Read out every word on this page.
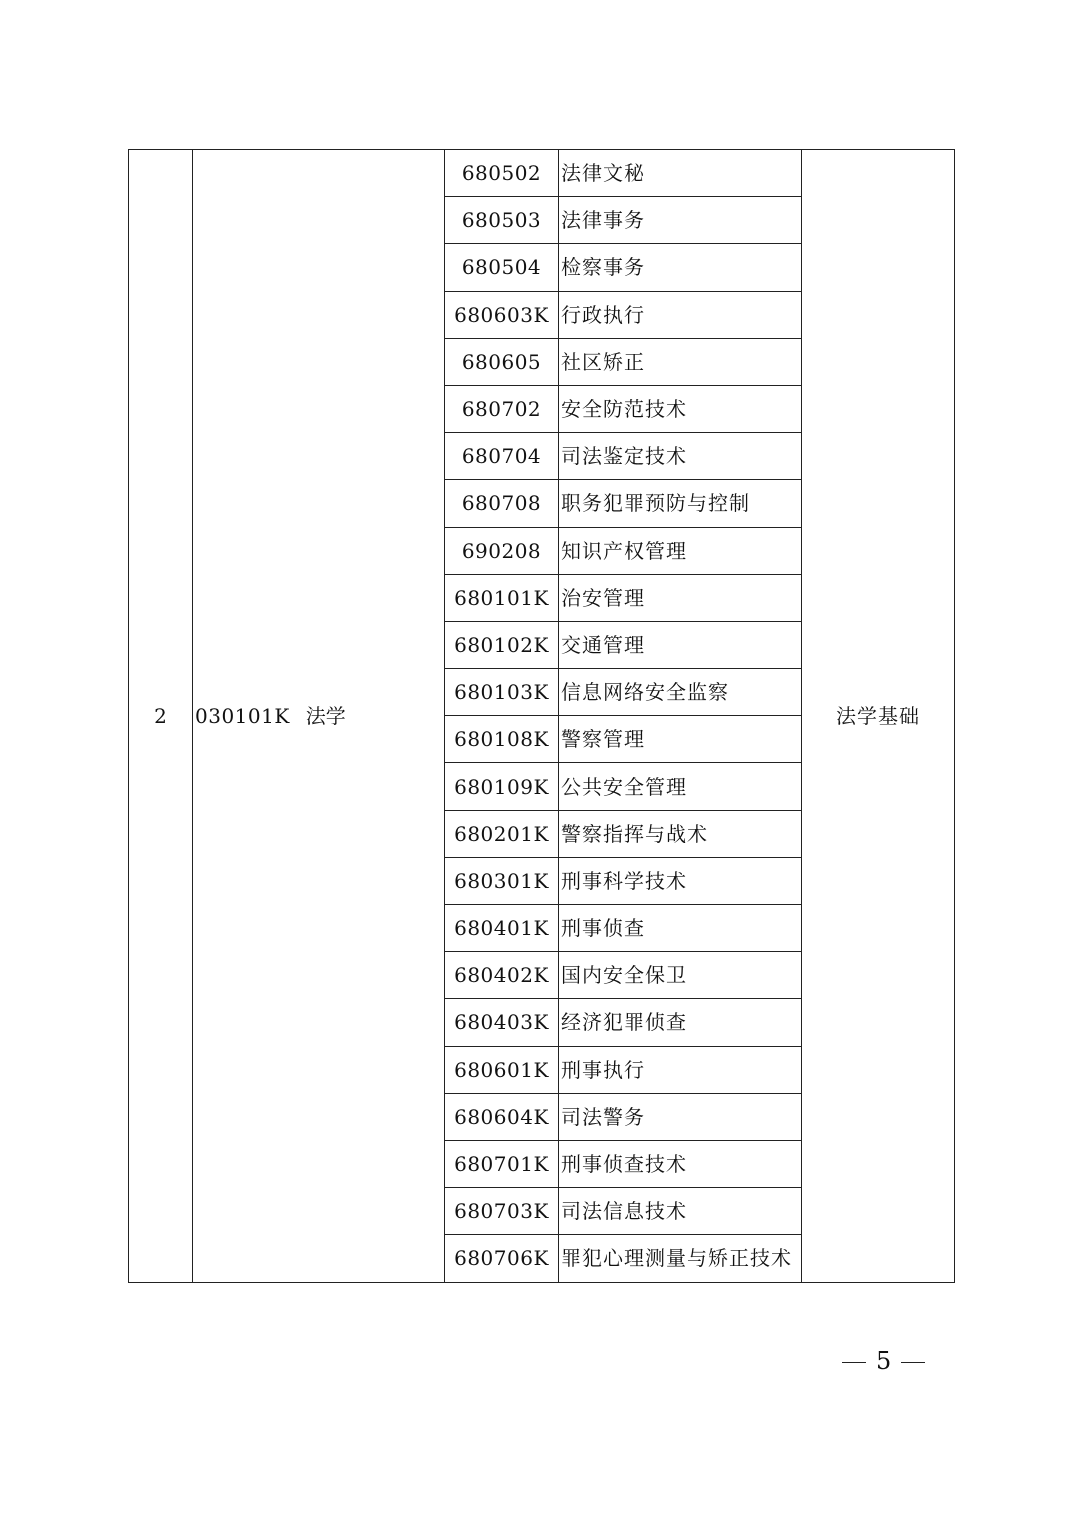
2	030101K 法学	680502	法律文秘	法学基础
		680503	法律事务	
		680504	检察事务	
		680603K	行政执行	
		680605	社区矫正	
		680702	安全防范技术	
		680704	司法鉴定技术	
		680708	职务犯罪预防与控制	
		690208	知识产权管理	
		680101K	治安管理	
		680102K	交通管理	
		680103K	信息网络安全监察	
		680108K	警察管理	
		680109K	公共安全管理	
		680201K	警察指挥与战术	
		680301K	刑事科学技术	
		680401K	刑事侦查	
		680402K	国内安全保卫	
		680403K	经济犯罪侦查	
		680601K	刑事执行	
		680604K	司法警务	
		680701K	刑事侦查技术	
		680703K	司法信息技术	
		680706K	罪犯心理测量与矫正技术	
5
